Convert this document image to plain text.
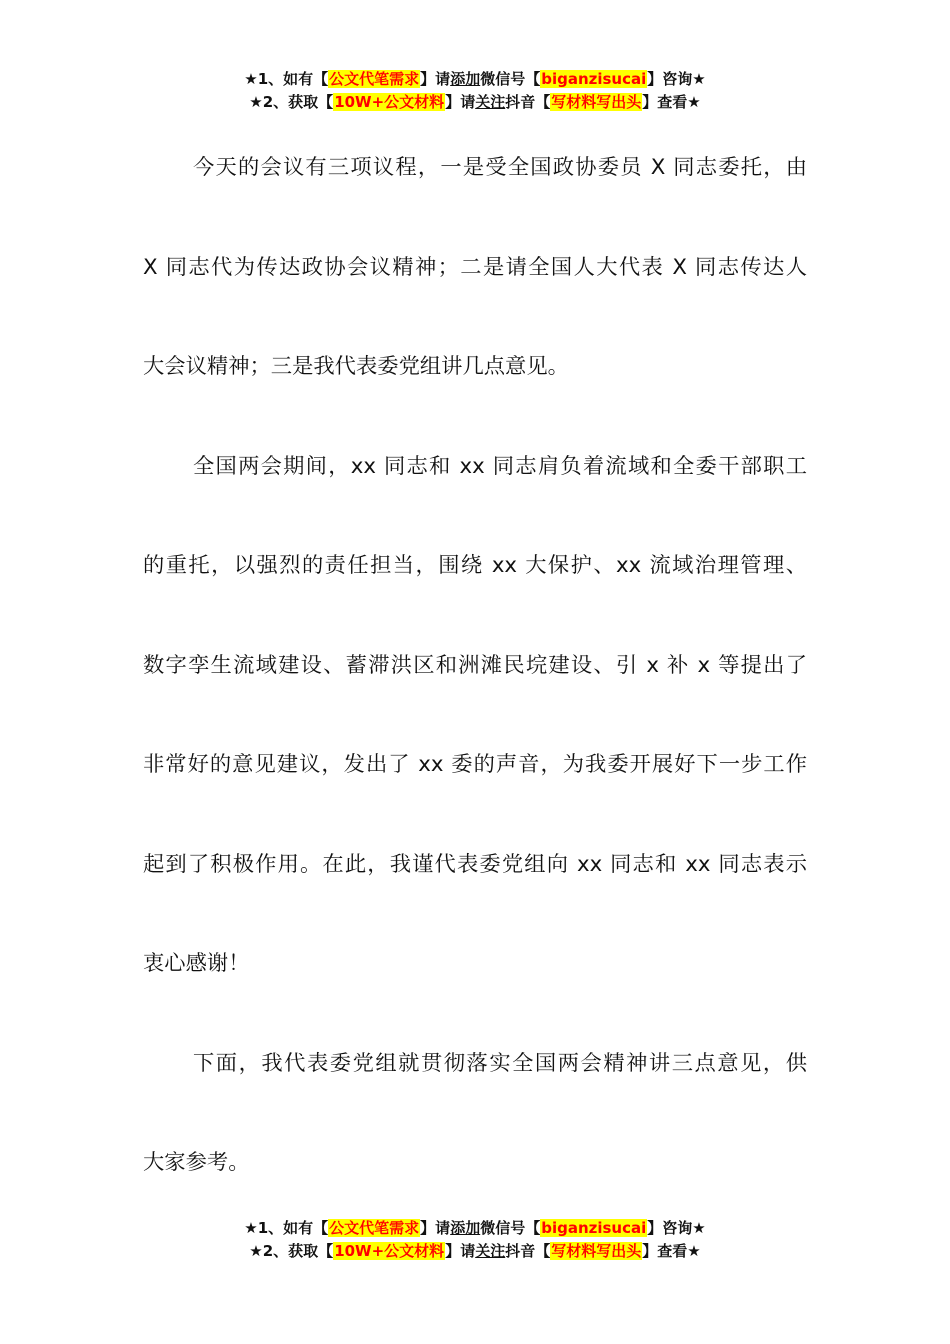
★1、如有【公文代笔需求】请添加微信号【biganzisucai】咨询★
★2、获取【10W+公文材料】请关注抖音【写材料写出头】查看★
今天的会议有三项议程，一是受全国政协委员 X 同志委托，由
X 同志代为传达政协会议精神；二是请全国人大代表 X 同志传达人
大会议精神；三是我代表委党组讲几点意见。
全国两会期间，xx 同志和 xx 同志肩负着流域和全委干部职工
的重托，以强烈的责任担当，围绕 xx 大保护、xx 流域治理管理、
数字孪生流域建设、蓄滞洪区和洲滩民垸建设、引 x 补 x 等提出了
非常好的意见建议，发出了 xx 委的声音，为我委开展好下一步工作
起到了积极作用。在此，我谨代表委党组向 xx 同志和 xx 同志表示
衷心感谢！
下面，我代表委党组就贯彻落实全国两会精神讲三点意见，供
大家参考。
★1、如有【公文代笔需求】请添加微信号【biganzisucai】咨询★
★2、获取【10W+公文材料】请关注抖音【写材料写出头】查看★
